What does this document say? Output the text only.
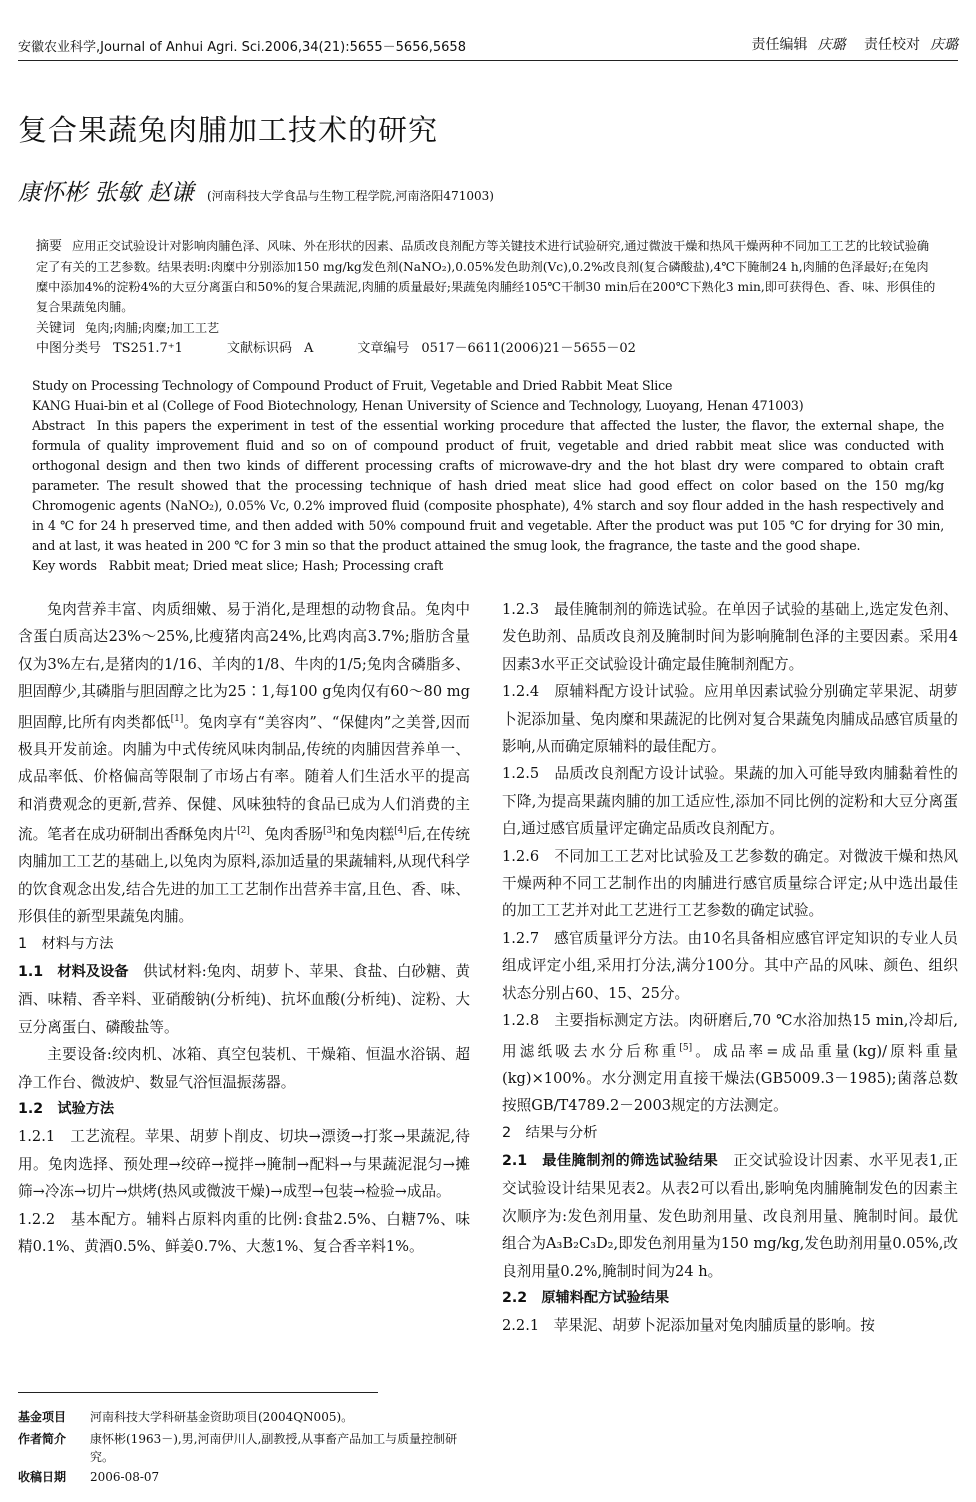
安徽农业科学,Journal of Anhui Agri. Sci.2006,34(21):5655－5656,5658	责任编辑 庆璐 责任校对 庆璐
复合果蔬兔肉脯加工技术的研究
康怀彬 张敏 赵谦 (河南科技大学食品与生物工程学院,河南洛阳471003)
摘要 应用正交试验设计对影响肉脯色泽、风味、外在形状的因素、品质改良剂配方等关键技术进行试验研究,通过微波干燥和热风干燥两种不同加工工艺的比较试验确定了有关的工艺参数。结果表明:肉糜中分别添加150 mg/kg发色剂(NaNO₂),0.05%发色助剂(Vc),0.2%改良剂(复合磷酸盐),4℃下腌制24 h,肉脯的色泽最好;在兔肉糜中添加4%的淀粉4%的大豆分离蛋白和50%的复合果蔬泥,肉脯的质量最好;果蔬兔肉脯经105℃干制30 min后在200℃下熟化3 min,即可获得色、香、味、形俱佳的复合果蔬兔肉脯。
关键词 兔肉;肉脯;肉糜;加工工艺
中图分类号 TS251.7⁺1	文献标识码 A	文章编号 0517－6611(2006)21－5655－02
Study on Processing Technology of Compound Product of Fruit, Vegetable and Dried Rabbit Meat Slice
KANG Huai-bin et al (College of Food Biotechnology, Henan University of Science and Technology, Luoyang, Henan 471003)
Abstract In this papers the experiment in test of the essential working procedure that affected the luster, the flavor, the external shape, the formula of quality improvement fluid and so on of compound product of fruit, vegetable and dried rabbit meat slice was conducted with orthogonal design and then two kinds of different processing crafts of microwave-dry and the hot blast dry were compared to obtain craft parameter. The result showed that the processing technique of hash dried meat slice had good effect on color based on the 150 mg/kg Chromogenic agents (NaNO₂), 0.05% Vc, 0.2% improved fluid (composite phosphate), 4% starch and soy flour added in the hash respectively and in 4 ℃ for 24 h preserved time, and then added with 50% compound fruit and vegetable. After the product was put 105 ℃ for drying for 30 min, and at last, it was heated in 200 ℃ for 3 min so that the product attained the smug look, the fragrance, the taste and the good shape.
Key words Rabbit meat; Dried meat slice; Hash; Processing craft

兔肉营养丰富、肉质细嫩、易于消化,是理想的动物食品。兔肉中含蛋白质高达23%～25%,比瘦猪肉高24%,比鸡肉高3.7%;脂肪含量仅为3%左右,是猪肉的1/16、羊肉的1/8、牛肉的1/5;兔肉含磷脂多、胆固醇少,其磷脂与胆固醇之比为25∶1,每100 g兔肉仅有60～80 mg胆固醇,比所有肉类都低[1]。兔肉享有“美容肉”、“保健肉”之美誉,因而极具开发前途。肉脯为中式传统风味肉制品,传统的肉脯因营养单一、成品率低、价格偏高等限制了市场占有率。随着人们生活水平的提高和消费观念的更新,营养、保健、风味独特的食品已成为人们消费的主流。笔者在成功研制出香酥兔肉片[2]、兔肉香肠[3]和兔肉糕[4]后,在传统肉脯加工工艺的基础上,以兔肉为原料,添加适量的果蔬辅料,从现代科学的饮食观念出发,结合先进的加工工艺制作出营养丰富,且色、香、味、形俱佳的新型果蔬兔肉脯。

1　材料与方法

1.1　材料及设备　 供试材料:兔肉、胡萝卜、苹果、食盐、白砂糖、黄酒、味精、香辛料、亚硝酸钠(分析纯)、抗坏血酸(分析纯)、淀粉、大豆分离蛋白、磷酸盐等。

主要设备:绞肉机、冰箱、真空包装机、干燥箱、恒温水浴锅、超净工作台、微波炉、数显气浴恒温振荡器。

1.2　试验方法

1.2.1　工艺流程。苹果、胡萝卜削皮、切块→漂烫→打浆→果蔬泥,待用。兔肉选择、预处理→绞碎→搅拌→腌制→配料→与果蔬泥混匀→摊筛→冷冻→切片→烘烤(热风或微波干燥)→成型→包装→检验→成品。

1.2.2　基本配方。辅料占原料肉重的比例:食盐2.5%、白糖7%、味精0.1%、黄酒0.5%、鲜姜0.7%、大葱1%、复合香辛料1%。

1.2.3　最佳腌制剂的筛选试验。在单因子试验的基础上,选定发色剂、发色助剂、品质改良剂及腌制时间为影响腌制色泽的主要因素。采用4因素3水平正交试验设计确定最佳腌制剂配方。

1.2.4　原辅料配方设计试验。应用单因素试验分别确定苹果泥、胡萝卜泥添加量、兔肉糜和果蔬泥的比例对复合果蔬兔肉脯成品感官质量的影响,从而确定原辅料的最佳配方。

1.2.5　品质改良剂配方设计试验。果蔬的加入可能导致肉脯黏着性的下降,为提高果蔬肉脯的加工适应性,添加不同比例的淀粉和大豆分离蛋白,通过感官质量评定确定品质改良剂配方。

1.2.6　不同加工工艺对比试验及工艺参数的确定。对微波干燥和热风干燥两种不同工艺制作出的肉脯进行感官质量综合评定;从中选出最佳的加工工艺并对此工艺进行工艺参数的确定试验。

1.2.7　感官质量评分方法。由10名具备相应感官评定知识的专业人员组成评定小组,采用打分法,满分100分。其中产品的风味、颜色、组织状态分别占60、15、25分。

1.2.8　主要指标测定方法。肉研磨后,70 ℃水浴加热15 min,冷却后,用滤纸吸去水分后称重[5]。成品率=成品重量(kg)/原料重量(kg)×100%。水分测定用直接干燥法(GB5009.3－1985);菌落总数按照GB/T4789.2－2003规定的方法测定。

2　结果与分析

2.1　最佳腌制剂的筛选试验结果　 正交试验设计因素、水平见表1,正交试验设计结果见表2。从表2可以看出,影响兔肉脯腌制发色的因素主次顺序为:发色剂用量、发色助剂用量、改良剂用量、腌制时间。最优组合为A₃B₂C₃D₂,即发色剂用量为150 mg/kg,发色助剂用量0.05%,改良剂用量0.2%,腌制时间为24 h。

2.2　原辅料配方试验结果

2.2.1　苹果泥、胡萝卜泥添加量对兔肉脯质量的影响。按

基金项目 河南科技大学科研基金资助项目(2004QN005)。
作者简介 康怀彬(1963－),男,河南伊川人,副教授,从事畜产品加工与质量控制研究。
收稿日期 2006-08-07
